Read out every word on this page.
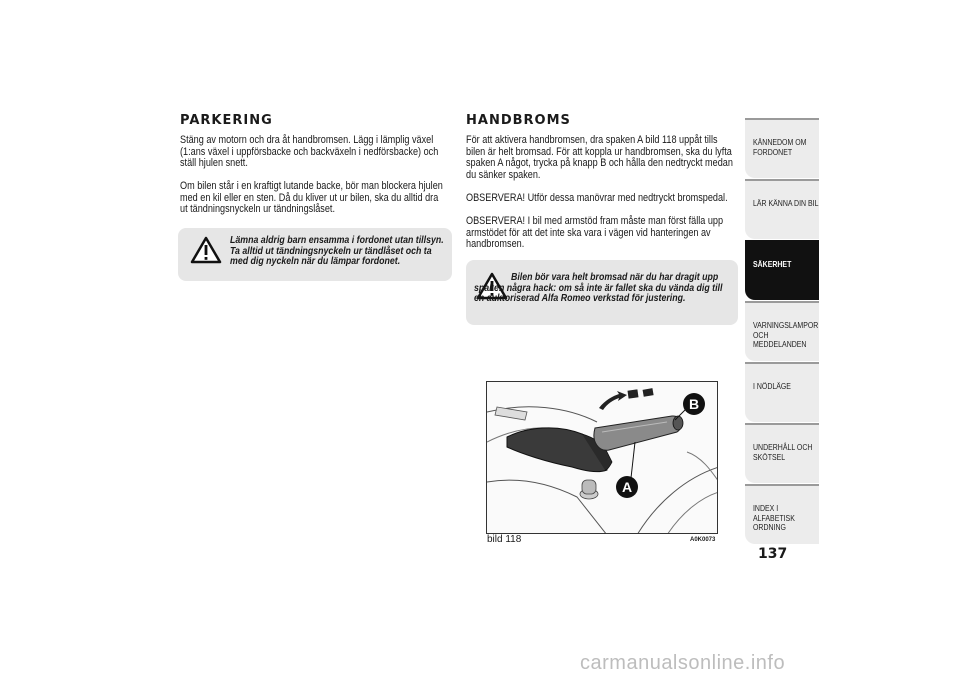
PARKERING

Stäng av motorn och dra åt handbromsen. Lägg i lämplig växel (1:ans växel i uppförsbacke och backväxeln i nedförsbacke) och ställ hjulen snett.

Om bilen står i en kraftigt lutande backe, bör man blockera hjulen med en kil eller en sten. Då du kliver ut ur bilen, ska du alltid dra ut tändningsnyckeln ur tändningslåset.

Lämna aldrig barn ensamma i fordonet utan tillsyn. Ta alltid ut tändningsnyckeln ur tändlåset och ta med dig nyckeln när du lämpar fordonet.

HANDBROMS

För att aktivera handbromsen, dra spaken A bild 118 uppåt tills bilen är helt bromsad. För att koppla ur handbromsen, ska du lyfta spaken A något, trycka på knapp B och hålla den nedtryckt medan du sänker spaken.

OBSERVERA! Utför dessa manövrar med nedtryckt bromspedal.

OBSERVERA! I bil med armstöd fram måste man först fälla upp armstödet för att det inte ska vara i vägen vid hanteringen av handbromsen.

Bilen bör vara helt bromsad när du har dragit upp spaken några hack: om så inte är fallet ska du vända dig till en auktoriserad Alfa Romeo verkstad för justering.

A
B
bild 118	A0K0073
KÄNNEDOM OM FORDONET
LÄR KÄNNA DIN BIL
SÄKERHET
VARNINGSLAMPOR OCH MEDDELANDEN
I NÖDLÄGE
UNDERHÅLL OCH SKÖTSEL
INDEX I ALFABETISK ORDNING
137
carmanualsonline.info
